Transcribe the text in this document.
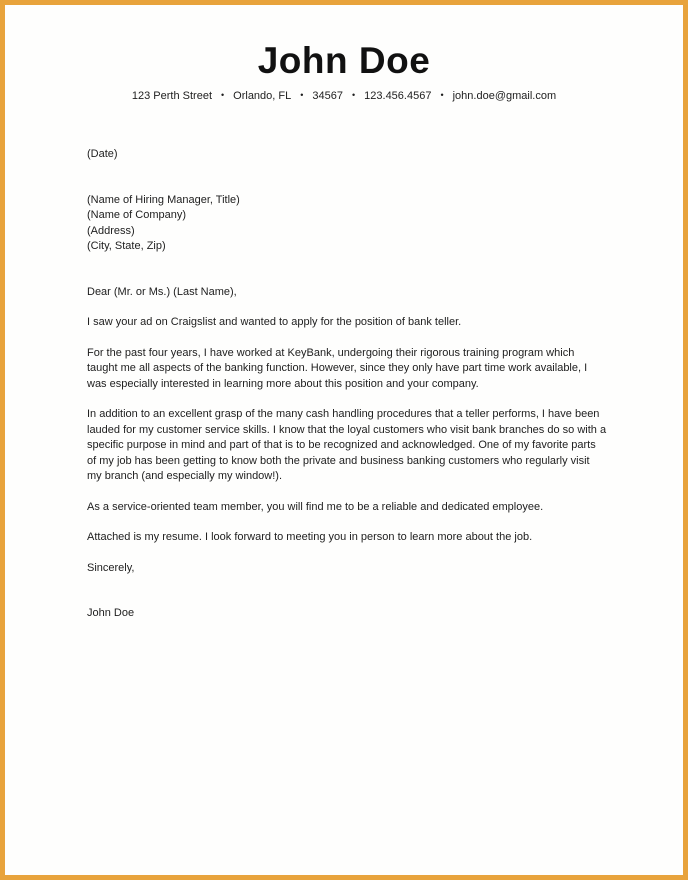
John Doe
123 Perth Street • Orlando, FL • 34567 • 123.456.4567 • john.doe@gmail.com

(Date)

(Name of Hiring Manager, Title)

(Name of Company)

(Address)

(City, State, Zip)

Dear (Mr. or Ms.) (Last Name),

I saw your ad on Craigslist and wanted to apply for the position of bank teller.

For the past four years, I have worked at KeyBank, undergoing their rigorous training program which taught me all aspects of the banking function. However, since they only have part time work available, I was especially interested in learning more about this position and your company.

In addition to an excellent grasp of the many cash handling procedures that a teller performs, I have been lauded for my customer service skills. I know that the loyal customers who visit bank branches do so with a specific purpose in mind and part of that is to be recognized and acknowledged. One of my favorite parts of my job has been getting to know both the private and business banking customers who regularly visit my branch (and especially my window!).

As a service-oriented team member, you will find me to be a reliable and dedicated employee.

Attached is my resume. I look forward to meeting you in person to learn more about the job.

Sincerely,

John Doe
